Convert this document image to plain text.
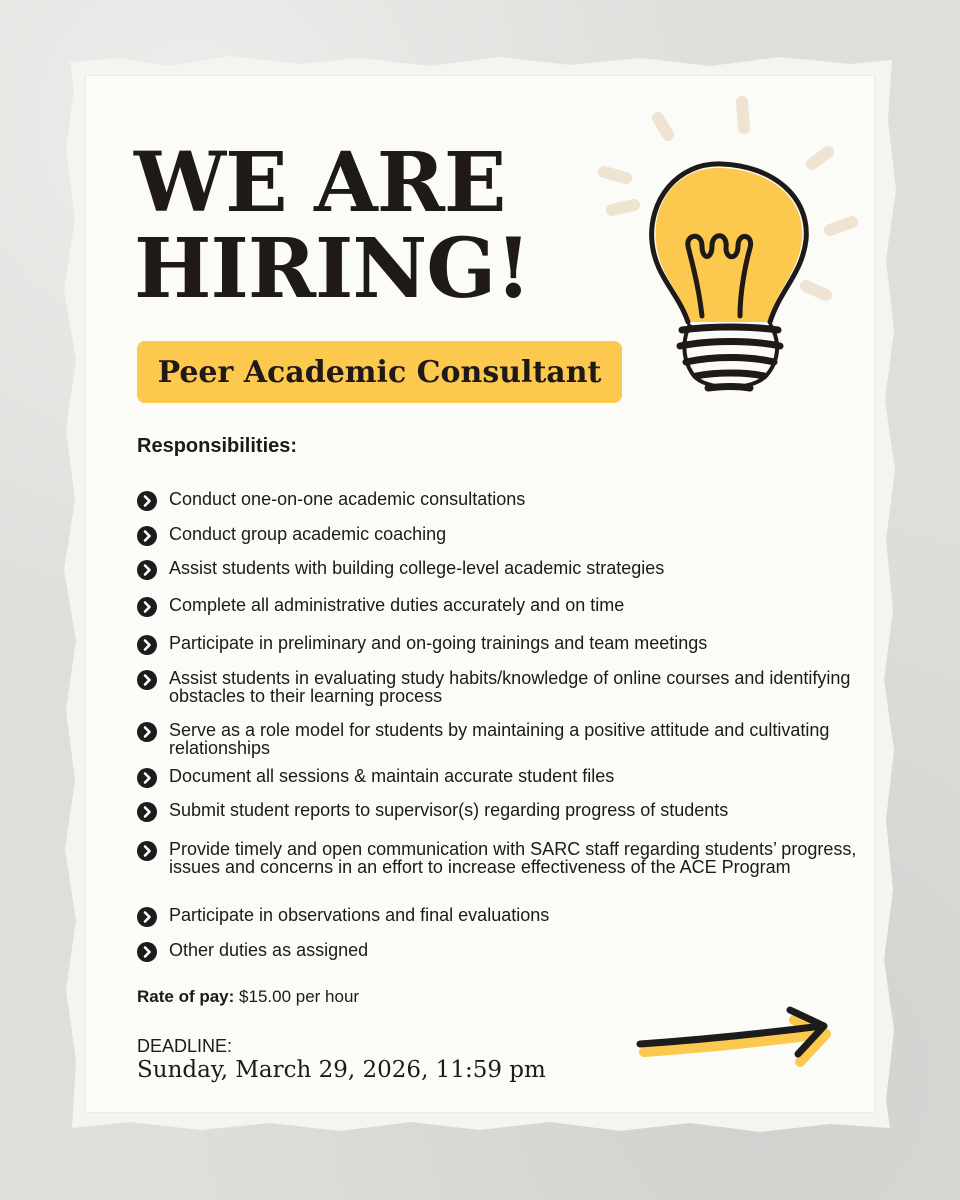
WE ARE
HIRING!
Peer Academic Consultant
Responsibilities:
Conduct one-on-one academic consultations
Conduct group academic coaching
Assist students with building college-level academic strategies
Complete all administrative duties accurately and on time
Participate in preliminary and on-going trainings and team meetings
Assist students in evaluating study habits/knowledge of online courses and identifying obstacles to their learning process
Serve as a role model for students by maintaining a positive attitude and cultivating relationships
Document all sessions & maintain accurate student files
Submit student reports to supervisor(s) regarding progress of students
Provide timely and open communication with SARC staff regarding students’ progress, issues and concerns in an effort to increase effectiveness of the ACE Program
Participate in observations and final evaluations
Other duties as assigned
Rate of pay: $15.00 per hour
DEADLINE:
Sunday, March 29, 2026, 11:59 pm
